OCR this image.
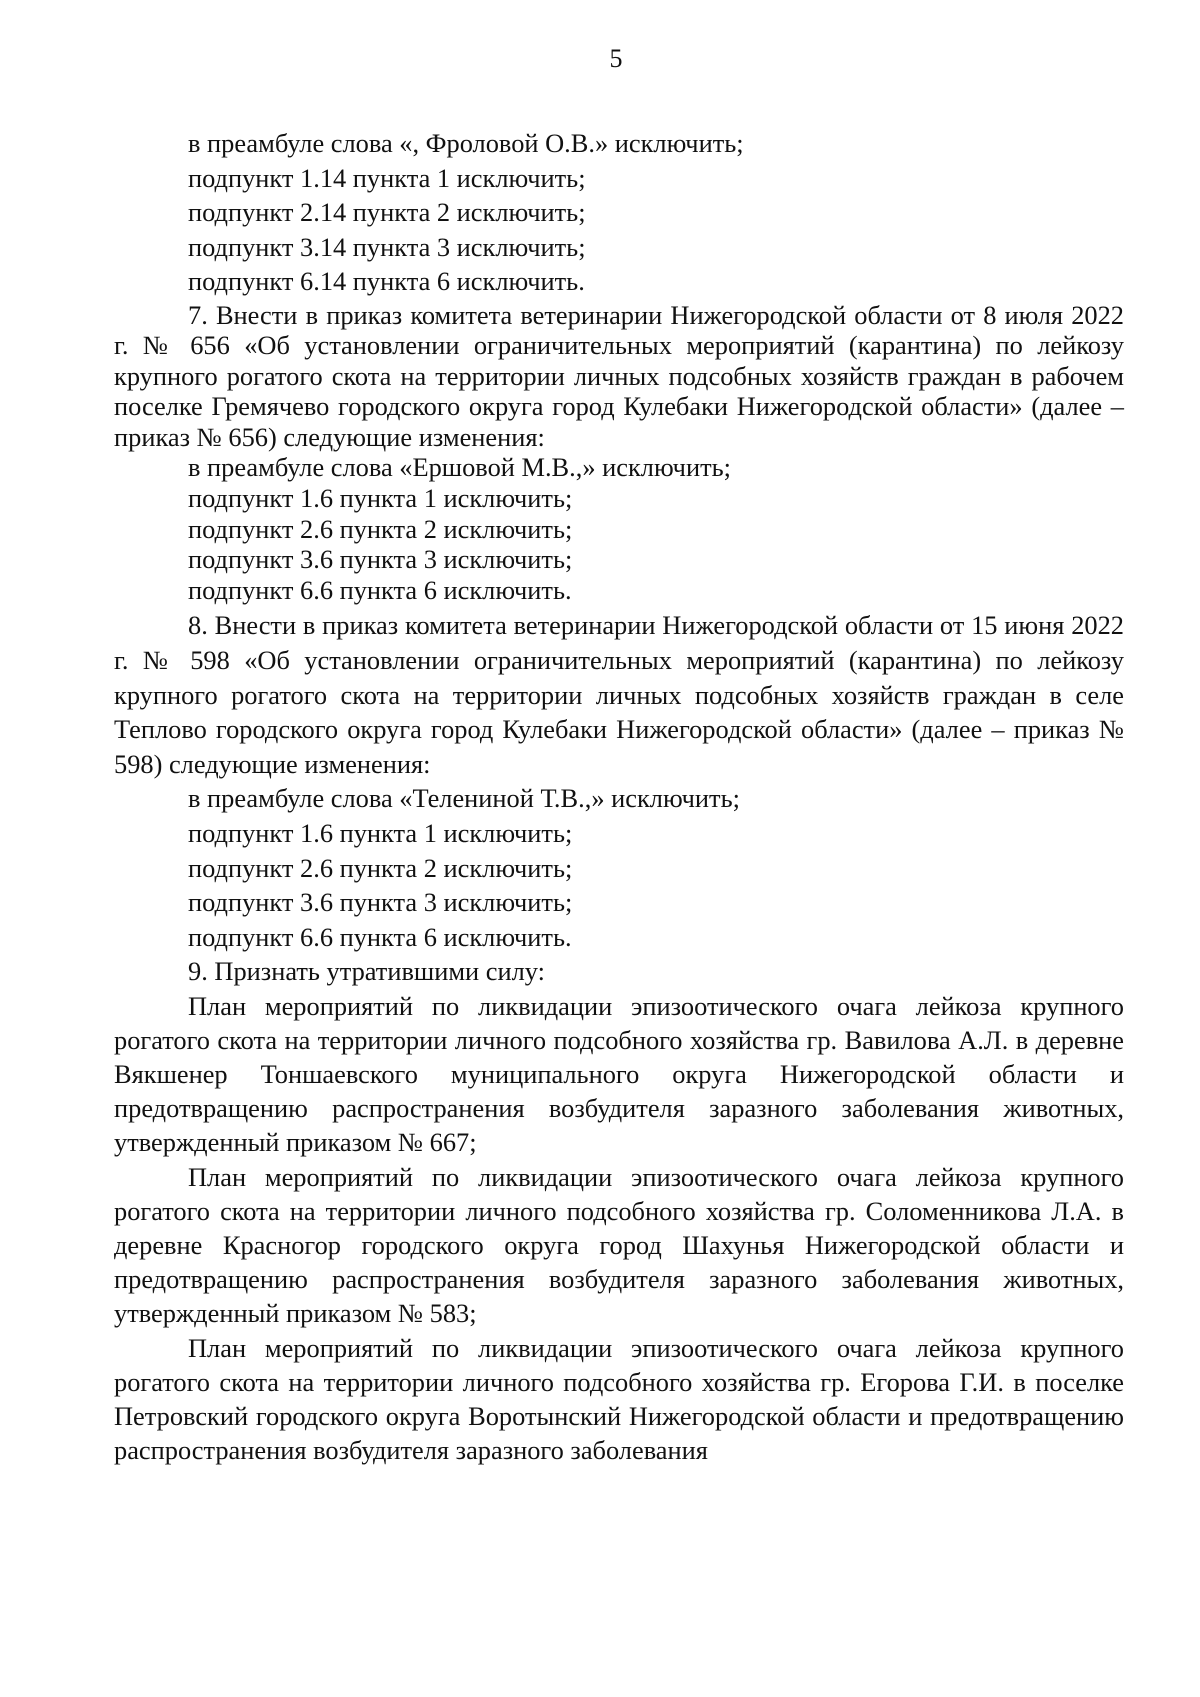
5

в преамбуле слова «, Фроловой О.В.» исключить;

подпункт 1.14 пункта 1 исключить;

подпункт 2.14 пункта 2 исключить;

подпункт 3.14 пункта 3 исключить;

подпункт 6.14 пункта 6 исключить.

7. Внести в приказ комитета ветеринарии Нижегородской области от 8 июля 2022 г. № 656 «Об установлении ограничительных мероприятий (карантина) по лейкозу крупного рогатого скота на территории личных подсобных хозяйств граждан в рабочем поселке Гремячево городского округа город Кулебаки Нижегородской области» (далее – приказ № 656) следующие изменения:

в преамбуле слова «Ершовой М.В.,» исключить;

подпункт 1.6 пункта 1 исключить;

подпункт 2.6 пункта 2 исключить;

подпункт 3.6 пункта 3 исключить;

подпункт 6.6 пункта 6 исключить.

8. Внести в приказ комитета ветеринарии Нижегородской области от 15 июня 2022 г. № 598 «Об установлении ограничительных мероприятий (карантина) по лейкозу крупного рогатого скота на территории личных подсобных хозяйств граждан в селе Теплово городского округа город Кулебаки Нижегородской области» (далее – приказ № 598) следующие изменения:

в преамбуле слова «Телениной Т.В.,» исключить;

подпункт 1.6 пункта 1 исключить;

подпункт 2.6 пункта 2 исключить;

подпункт 3.6 пункта 3 исключить;

подпункт 6.6 пункта 6 исключить.

9. Признать утратившими силу:

План мероприятий по ликвидации эпизоотического очага лейкоза крупного рогатого скота на территории личного подсобного хозяйства гр. Вавилова А.Л. в деревне Вякшенер Тоншаевского муниципального округа Нижегородской области и предотвращению распространения возбудителя заразного заболевания животных, утвержденный приказом № 667;

План мероприятий по ликвидации эпизоотического очага лейкоза крупного рогатого скота на территории личного подсобного хозяйства гр. Соломенникова Л.А. в деревне Красногор городского округа город Шахунья Нижегородской области и предотвращению распространения возбудителя заразного заболевания животных, утвержденный приказом № 583;

План мероприятий по ликвидации эпизоотического очага лейкоза крупного рогатого скота на территории личного подсобного хозяйства гр. Егорова Г.И. в поселке Петровский городского округа Воротынский Нижегородской области и предотвращению распространения возбудителя заразного заболевания
